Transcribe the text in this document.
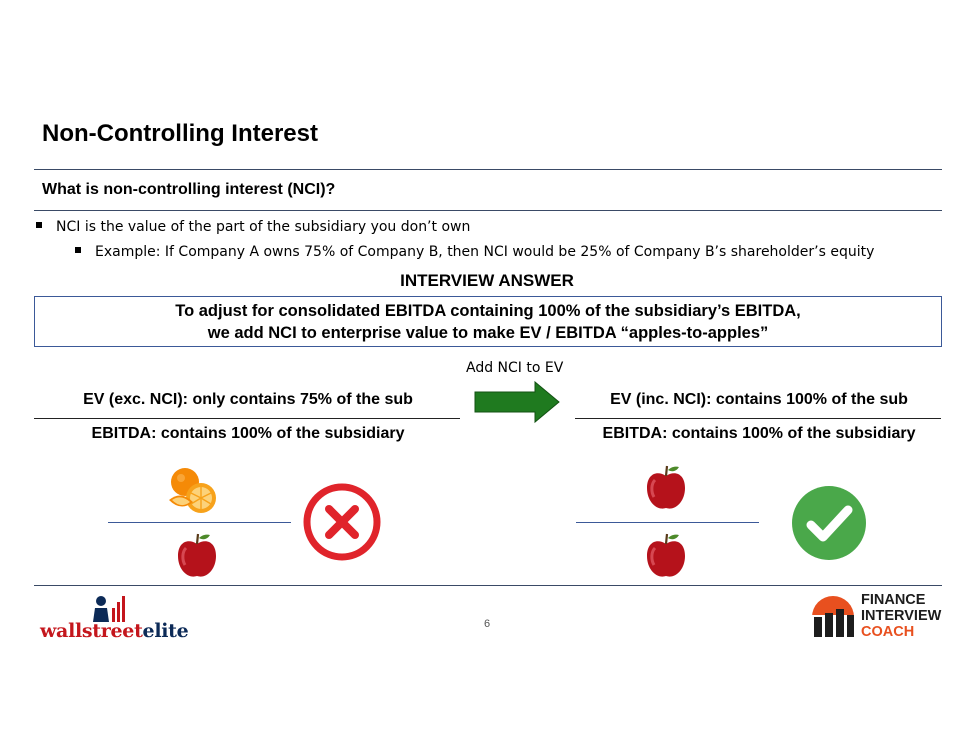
Non-Controlling Interest
What is non-controlling interest (NCI)?
NCI is the value of the part of the subsidiary you don’t own
Example: If Company A owns 75% of Company B, then NCI would be 25% of Company B’s shareholder’s equity
INTERVIEW ANSWER
To adjust for consolidated EBITDA containing 100% of the subsidiary’s EBITDA,
we add NCI to enterprise value to make EV / EBITDA “apples-to-apples”
Add NCI to EV
EV (exc. NCI): only contains 75% of the sub
EBITDA: contains 100% of the subsidiary
EV (inc. NCI): contains 100% of the sub
EBITDA: contains 100% of the subsidiary
wallstreetelite	6
FINANCE
INTERVIEW
COACH
